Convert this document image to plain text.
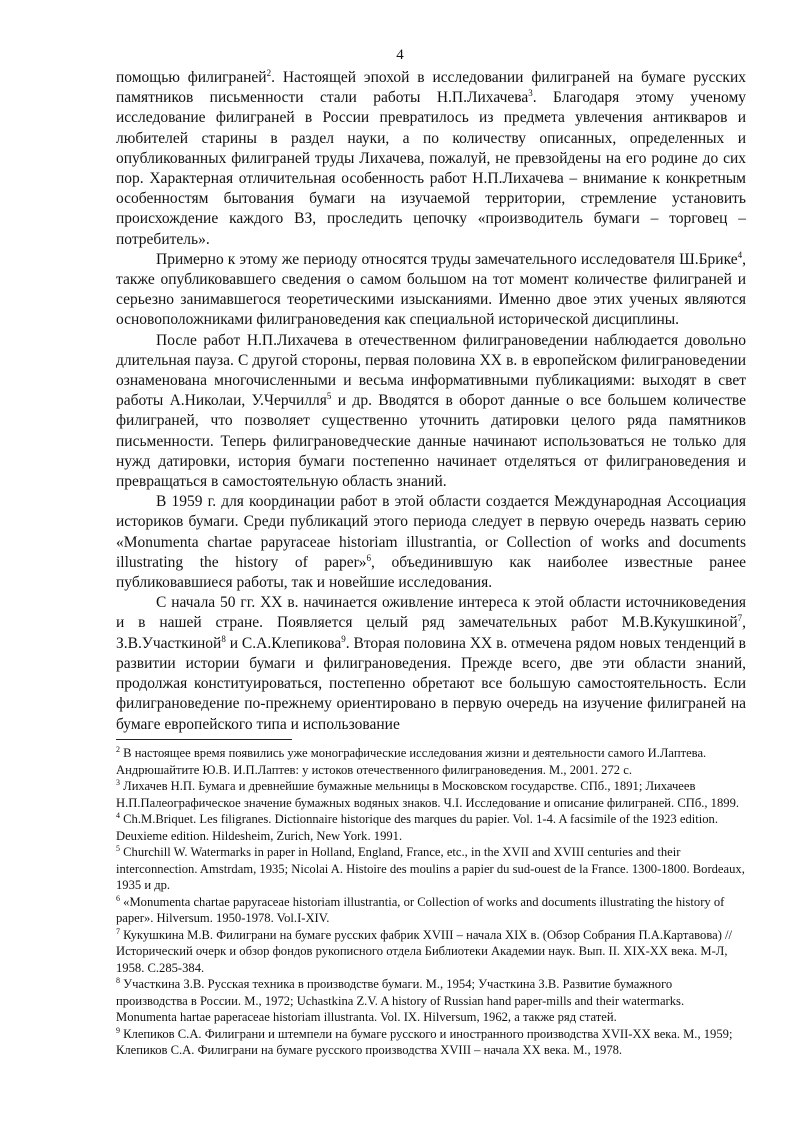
4

помощью филиграней$^2$. Настоящей эпохой в исследовании филиграней на бумаге русских памятников письменности стали работы Н.П.Лихачева$^3$. Благодаря этому ученому исследование филиграней в России превратилось из предмета увлечения антикваров и любителей старины в раздел науки, а по количеству описанных, определенных и опубликованных филиграней труды Лихачева, пожалуй, не превзойдены на его родине до сих пор. Характерная отличительная особенность работ Н.П.Лихачева – внимание к конкретным особенностям бытования бумаги на изучаемой территории, стремление установить происхождение каждого ВЗ, проследить цепочку «производитель бумаги – торговец – потребитель».

Примерно к этому же периоду относятся труды замечательного исследователя Ш.Брике$^4$, также опубликовавшего сведения о самом большом на тот момент количестве филиграней и серьезно занимавшегося теоретическими изысканиями. Именно двое этих ученых являются основоположниками филиграноведения как специальной исторической дисциплины.

После работ Н.П.Лихачева в отечественном филиграноведении наблюдается довольно длительная пауза. С другой стороны, первая половина XX в. в европейском филиграноведении ознаменована многочисленными и весьма информативными публикациями: выходят в свет работы А.Николаи, У.Черчилля$^5$ и др. Вводятся в оборот данные о все большем количестве филиграней, что позволяет существенно уточнить датировки целого ряда памятников письменности. Теперь филиграноведческие данные начинают использоваться не только для нужд датировки, история бумаги постепенно начинает отделяться от филиграноведения и превращаться в самостоятельную область знаний.

В 1959 г. для координации работ в этой области создается Международная Ассоциация историков бумаги. Среди публикаций этого периода следует в первую очередь назвать серию «Monumenta chartae papyraceae historiam illustrantia, or Collection of works and documents illustrating the history of paper»$^6$, объединившую как наиболее известные ранее публиковавшиеся работы, так и новейшие исследования.

С начала 50 гг. XX в. начинается оживление интереса к этой области источниковедения и в нашей стране. Появляется целый ряд замечательных работ М.В.Кукушкиной$^7$, З.В.Участкиной$^8$ и С.А.Клепикова$^9$. Вторая половина XX в. отмечена рядом новых тенденций в развитии истории бумаги и филиграноведения. Прежде всего, две эти области знаний, продолжая конституироваться, постепенно обретают все большую самостоятельность. Если филиграноведение по-прежнему ориентировано в первую очередь на изучение филиграней на бумаге европейского типа и использование

$^2$ В настоящее время появились уже монографические исследования жизни и деятельности самого И.Лаптева. Андрюшайтите Ю.В. И.П.Лаптев: у истоков отечественного филиграноведения. М., 2001. 272 с.

$^3$ Лихачев Н.П. Бумага и древнейшие бумажные мельницы в Московском государстве. СПб., 1891; Лихачеев Н.П.Палеографическое значение бумажных водяных знаков. Ч.I. Исследование и описание филиграней. СПб., 1899.

$^4$ Ch.M.Briquet. Les filigranes. Dictionnaire historique des marques du papier. Vol. 1-4. A facsimile of the 1923 edition. Deuxieme edition. Hildesheim, Zurich, New York. 1991.

$^5$ Churchill W. Watermarks in paper in Holland, England, France, etc., in the XVII and XVIII centuries and their interconnection. Amstrdam, 1935; Nicolai A. Histoire des moulins a papier du sud-ouest de la France. 1300-1800. Bordeaux, 1935 и др.

$^6$ «Monumenta chartae papyraceae historiam illustrantia, or Collection of works and documents illustrating the history of paper». Hilversum. 1950-1978. Vol.I-XIV.

$^7$ Кукушкина М.В. Филиграни на бумаге русских фабрик XVIII – начала XIX в. (Обзор Собрания П.А.Картавова) // Исторический очерк и обзор фондов рукописного отдела Библиотеки Академии наук. Вып. II. XIX-XX века. М-Л, 1958. С.285-384.

$^8$ Участкина З.В. Русская техника в производстве бумаги. М., 1954; Участкина З.В. Развитие бумажного производства в России. М., 1972; Uchastkina Z.V. A history of Russian hand paper-mills and their watermarks. Monumenta hartae paperaceae historiam illustranta. Vol. IX. Hilversum, 1962, а также ряд статей.

$^9$ Клепиков С.А. Филиграни и штемпели на бумаге русского и иностранного производства XVII-XX века. М., 1959; Клепиков С.А. Филиграни на бумаге русского производства XVIII – начала XX века. М., 1978.
